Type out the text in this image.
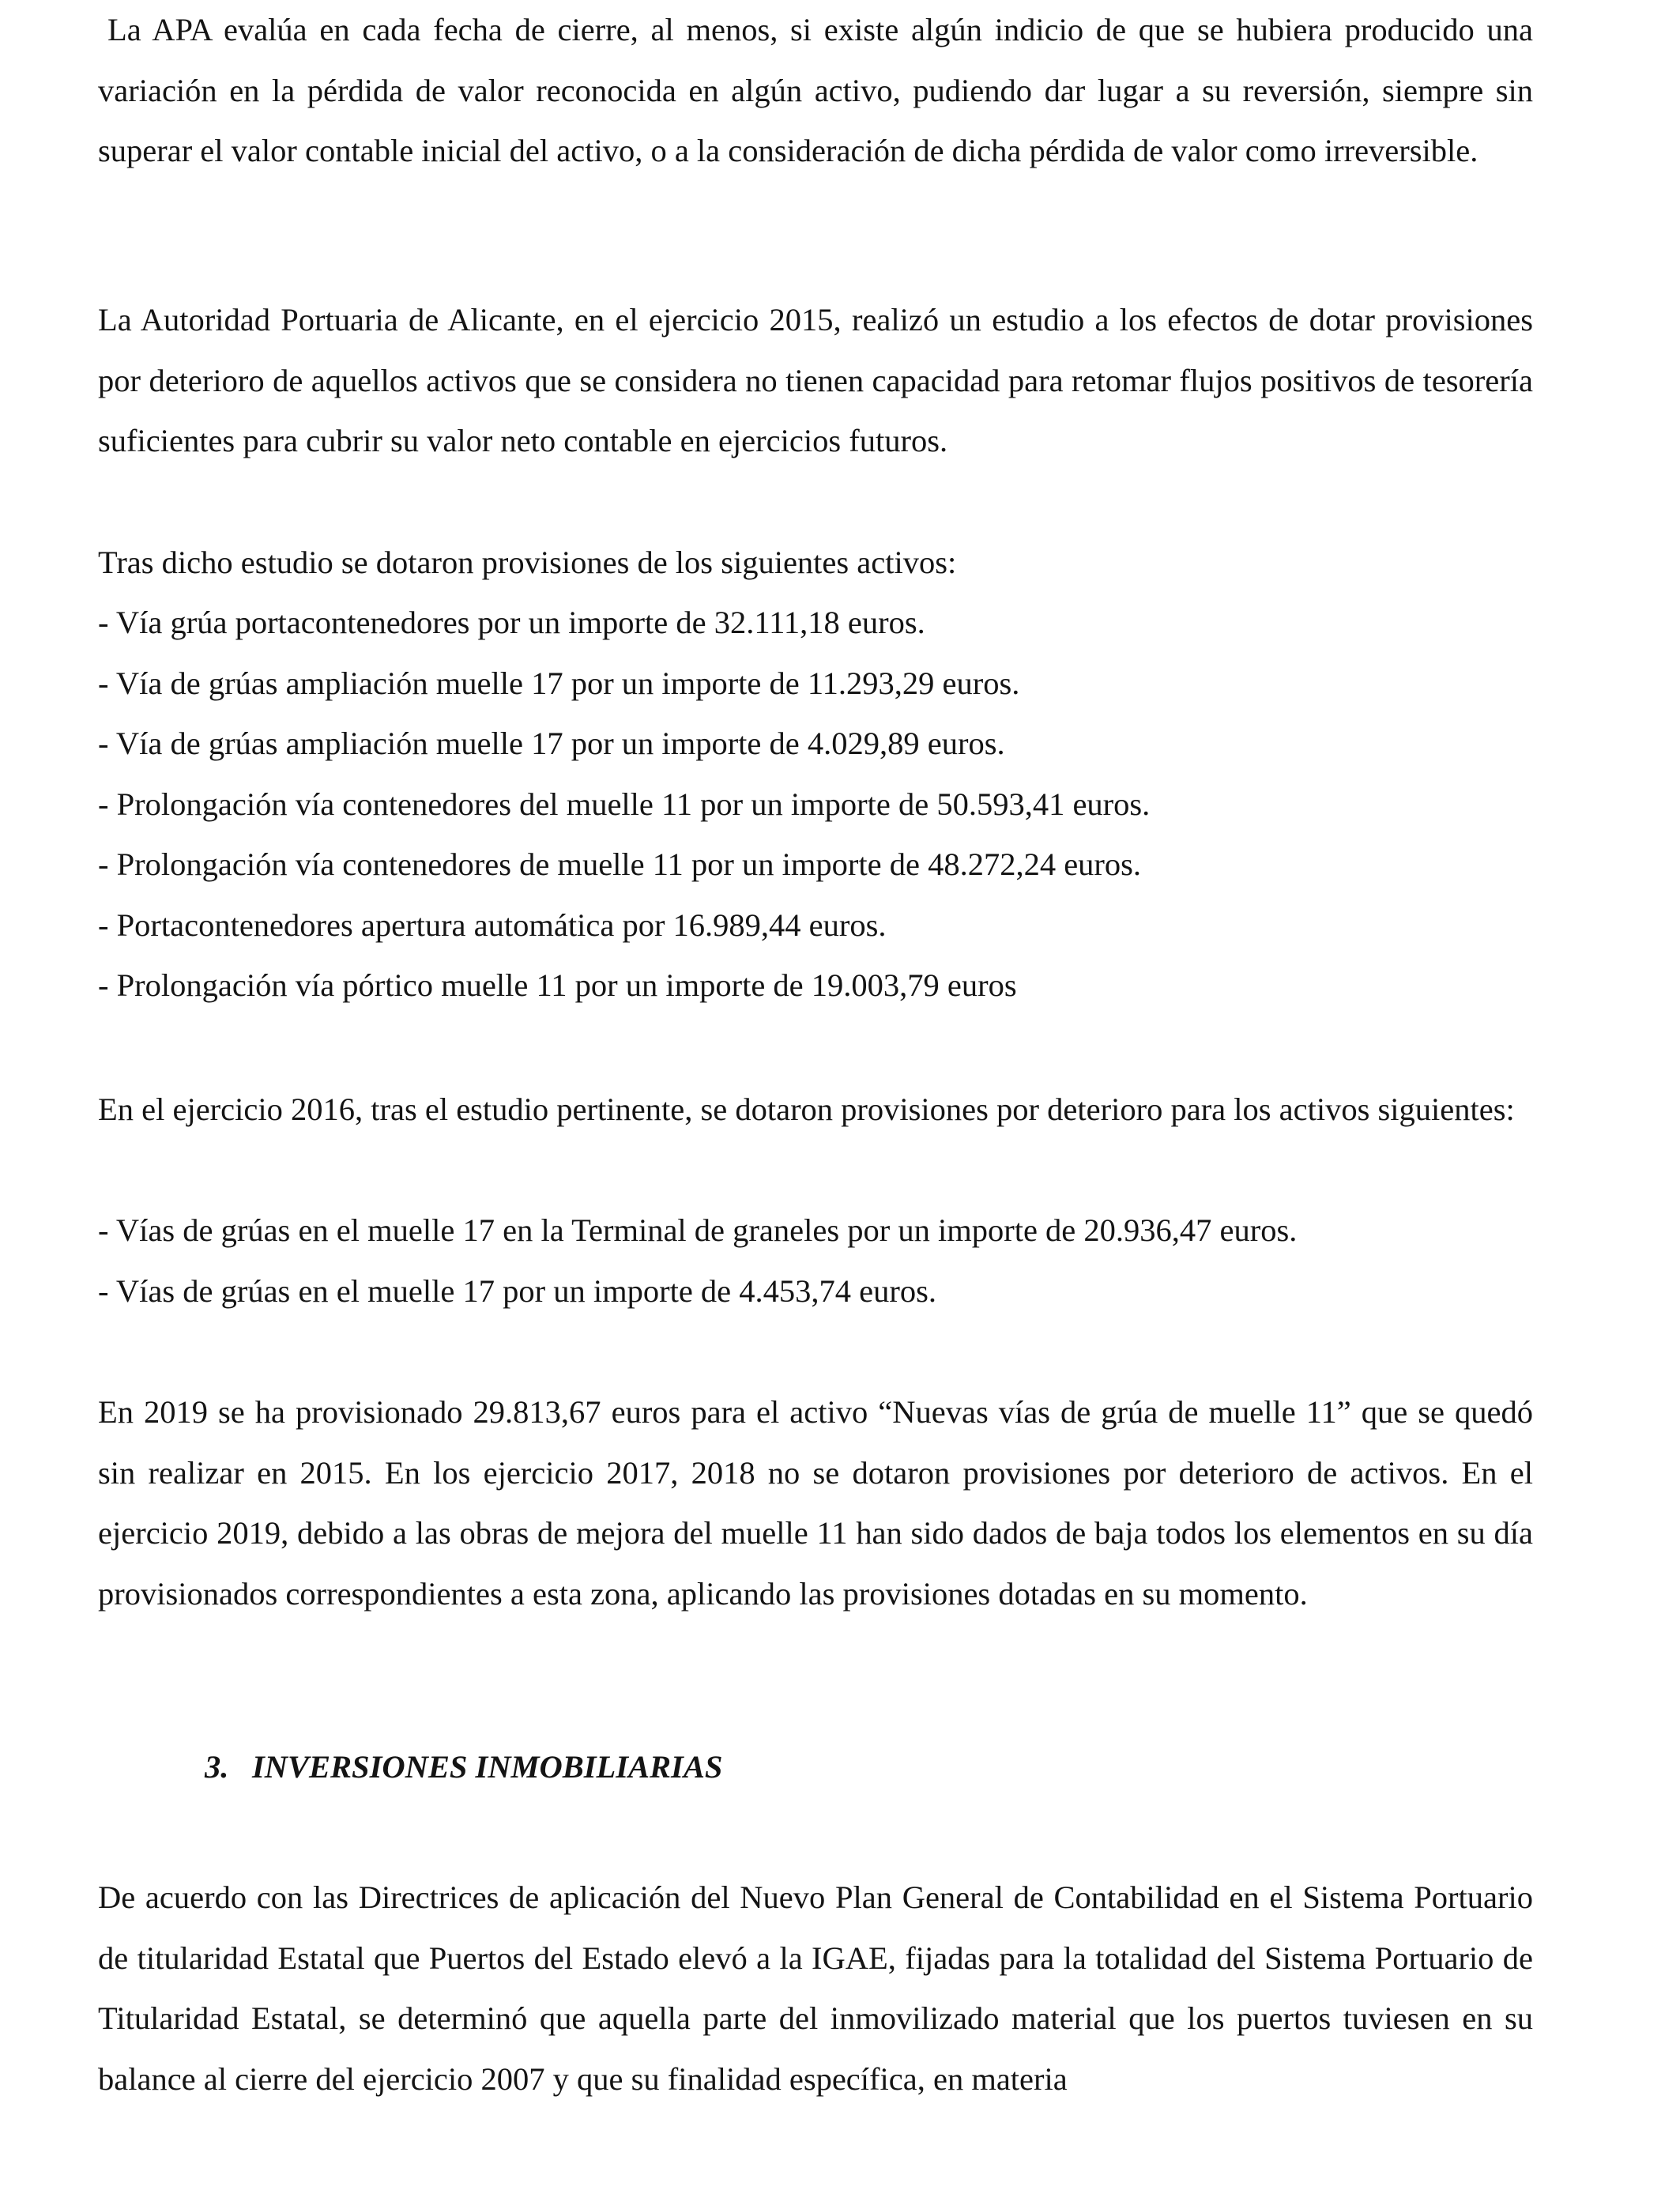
La APA evalúa en cada fecha de cierre, al menos, si existe algún indicio de que se hubiera producido una variación en la pérdida de valor reconocida en algún activo, pudiendo dar lugar a su reversión, siempre sin superar el valor contable inicial del activo, o a la consideración de dicha pérdida de valor como irreversible.

La Autoridad Portuaria de Alicante, en el ejercicio 2015, realizó un estudio a los efectos de dotar provisiones por deterioro de aquellos activos que se considera no tienen capacidad para retomar flujos positivos de tesorería suficientes para cubrir su valor neto contable en ejercicios futuros.

Tras dicho estudio se dotaron provisiones de los siguientes activos:

- Vía grúa portacontenedores por un importe de 32.111,18 euros.
- Vía de grúas ampliación muelle 17 por un importe de 11.293,29 euros.
- Vía de grúas ampliación muelle 17 por un importe de 4.029,89 euros.
- Prolongación vía contenedores del muelle 11 por un importe de 50.593,41 euros.
- Prolongación vía contenedores de muelle 11 por un importe de 48.272,24 euros.
- Portacontenedores apertura automática por 16.989,44 euros.
- Prolongación vía pórtico muelle 11 por un importe de 19.003,79 euros

En el ejercicio 2016, tras el estudio pertinente, se dotaron provisiones por deterioro para los activos siguientes:

- Vías de grúas en el muelle 17 en la Terminal de graneles por un importe de 20.936,47 euros.
- Vías de grúas en el muelle 17 por un importe de 4.453,74 euros.

En 2019 se ha provisionado 29.813,67 euros para el activo “Nuevas vías de grúa de muelle 11” que se quedó sin realizar en 2015. En los ejercicio 2017, 2018 no se dotaron provisiones por deterioro de activos. En el ejercicio 2019, debido a las obras de mejora del muelle 11 han sido dados de baja todos los elementos en su día provisionados correspondientes a esta zona, aplicando las provisiones dotadas en su momento.

3. INVERSIONES INMOBILIARIAS

De acuerdo con las Directrices de aplicación del Nuevo Plan General de Contabilidad en el Sistema Portuario de titularidad Estatal que Puertos del Estado elevó a la IGAE, fijadas para la totalidad del Sistema Portuario de Titularidad Estatal, se determinó que aquella parte del inmovilizado material que los puertos tuviesen en su balance al cierre del ejercicio 2007 y que su finalidad específica, en materia
